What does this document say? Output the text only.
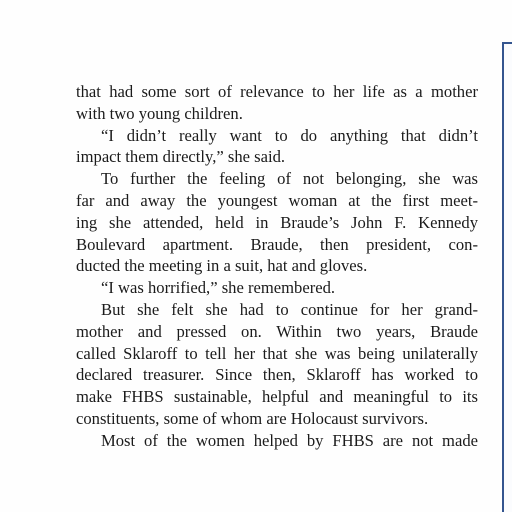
that had some sort of relevance to her life as a mother
with two young children.
“I didn’t really want to do anything that didn’t
impact them directly,” she said.
To further the feeling of not belonging, she was
far and away the youngest woman at the first meet-
ing she attended, held in Braude’s John F. Kennedy
Boulevard apartment. Braude, then president, con-
ducted the meeting in a suit, hat and gloves.
“I was horrified,” she remembered.
But she felt she had to continue for her grand-
mother and pressed on. Within two years, Braude
called Sklaroff to tell her that she was being unilaterally
declared treasurer. Since then, Sklaroff has worked to
make FHBS sustainable, helpful and meaningful to its
constituents, some of whom are Holocaust survivors.
Most of the women helped by FHBS are not made
